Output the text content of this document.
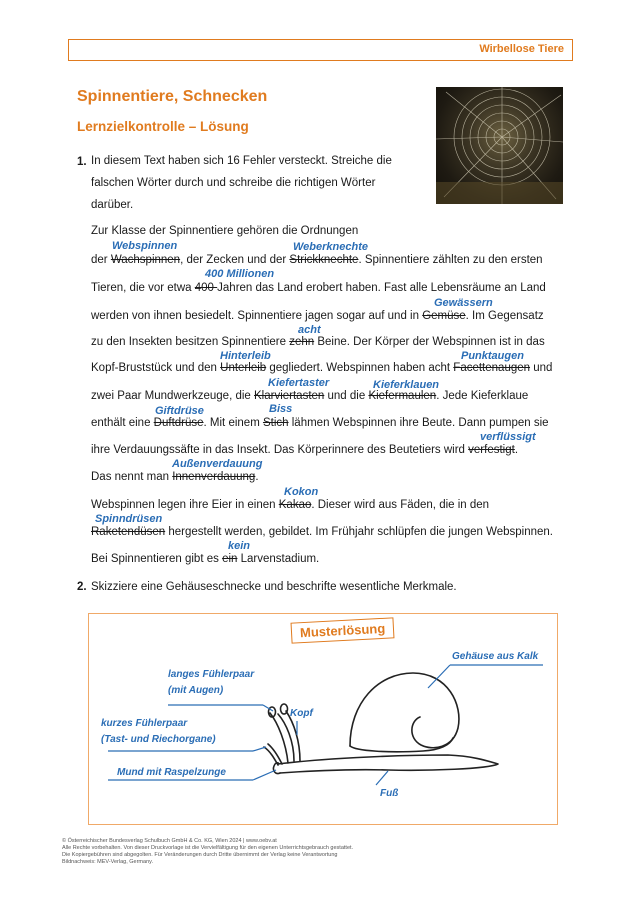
Wirbellose Tiere
Spinnentiere, Schnecken
Lernzielkontrolle – Lösung
1. In diesem Text haben sich 16 Fehler versteckt. Streiche die
falschen Wörter durch und schreibe die richtigen Wörter
darüber.
Zur Klasse der Spinnentiere gehören die Ordnungen
der Wachspinnen, der Zecken und der Strickknechte. Spinnentiere zählten zu den ersten
Tieren, die vor etwa 400 Jahren das Land erobert haben. Fast alle Lebensräume an Land
werden von ihnen besiedelt. Spinnentiere jagen sogar auf und in Gemüse. Im Gegensatz
zu den Insekten besitzen Spinnentiere zehn Beine. Der Körper der Webspinnen ist in das
Kopf-Bruststück und den Unterleib gegliedert. Webspinnen haben acht Facettenaugen und
zwei Paar Mundwerkzeuge, die Klarviertasten und die Kiefermaulen. Jede Kieferklaue
enthält eine Duftdrüse. Mit einem Stich lähmen Webspinnen ihre Beute. Dann pumpen sie
ihre Verdauungssäfte in das Insekt. Das Körperinnere des Beutetiers wird verfestigt.
Das nennt man Innenverdauung.
Webspinnen legen ihre Eier in einen Kakao. Dieser wird aus Fäden, die in den
Raketendüsen hergestellt werden, gebildet. Im Frühjahr schlüpfen die jungen Webspinnen.
Bei Spinnentieren gibt es ein Larvenstadium.
Webspinnen	Weberknechte
400 Millionen
Gewässern
acht
Hinterleib	Punktaugen
Kiefertaster	Kieferklauen
Giftdrüse	Biss
verflüssigt
Außenverdauung
Kokon
Spinndrüsen
kein
2. Skizziere eine Gehäuseschnecke und beschrifte wesentliche Merkmale.
Musterlösung
Gehäuse aus Kalk
langes Fühlerpaar
(mit Augen)
Kopf
kurzes Fühlerpaar
(Tast- und Riechorgane)
Mund mit Raspelzunge
Fuß
© Österreichischer Bundesverlag Schulbuch GmbH & Co. KG, Wien 2024 | www.oebv.at
Alle Rechte vorbehalten. Von dieser Druckvorlage ist die Vervielfältigung für den eigenen Unterrichtsgebrauch gestattet.
Die Kopiergebühren sind abgegolten. Für Veränderungen durch Dritte übernimmt der Verlag keine Verantwortung
Bildnachweis: MEV-Verlag, Germany.
